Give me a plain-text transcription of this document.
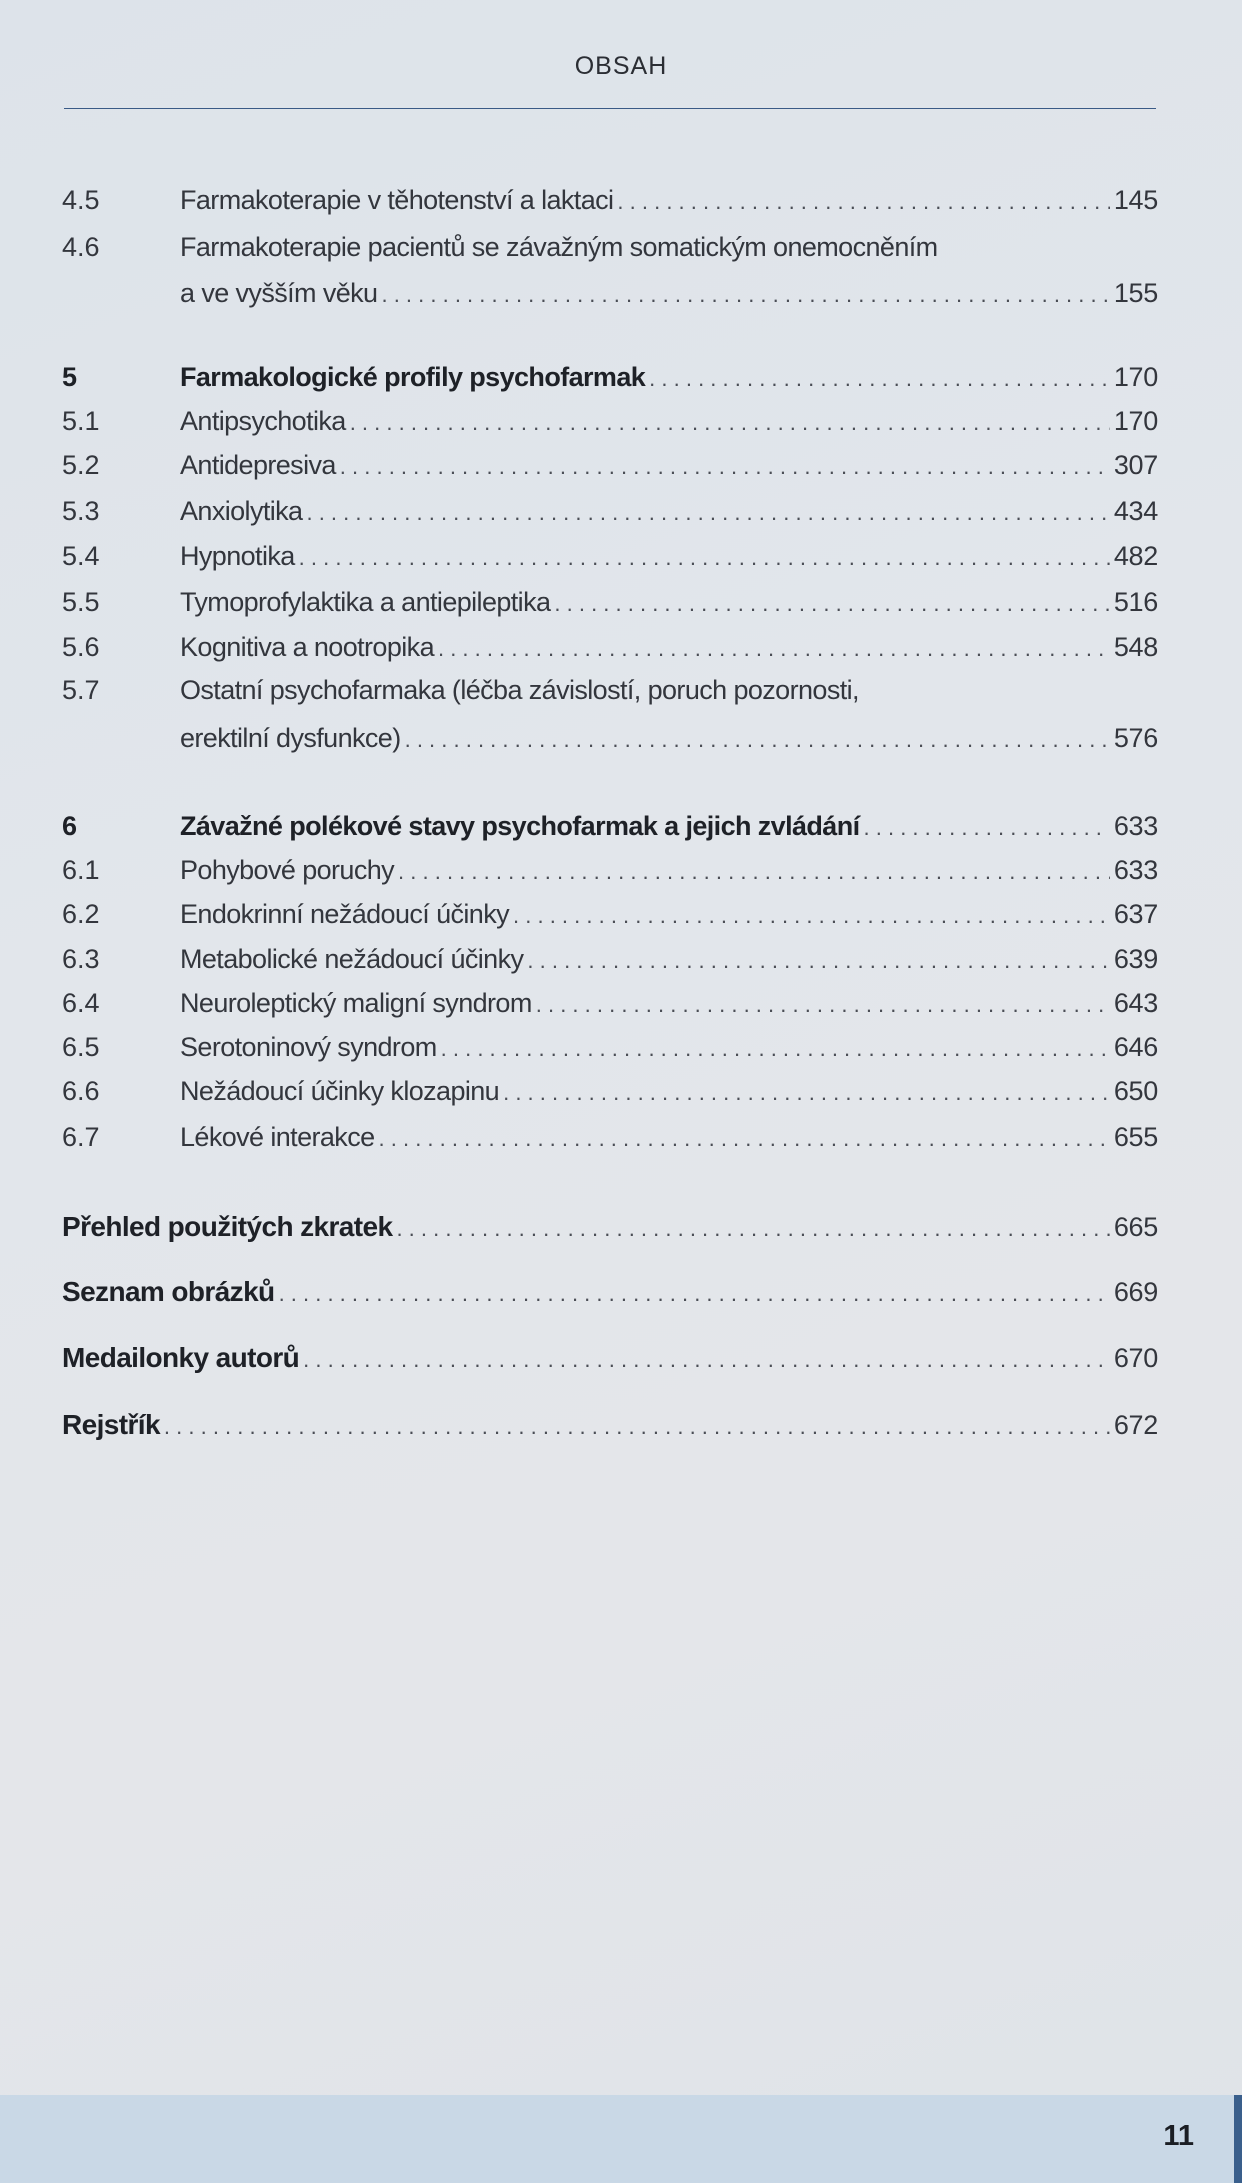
OBSAH
4.5	Farmakoterapie v těhotenství a laktaci . . .	145
4.6	Farmakoterapie pacientů se závažným somatickým onemocněním
a ve vyšším věku . . .	155
5	Farmakologické profily psychofarmak . . .	170
5.1	Antipsychotika . . .	170
5.2	Antidepresiva . . .	307
5.3	Anxiolytika . . .	434
5.4	Hypnotika . . .	482
5.5	Tymoprofylaktika a antiepileptika . . .	516
5.6	Kognitiva a nootropika . . .	548
5.7	Ostatní psychofarmaka (léčba závislostí, poruch pozornosti,
erektilní dysfunkce) . . .	576
6	Závažné polékové stavy psychofarmak a jejich zvládání . . .	633
6.1	Pohybové poruchy . . .	633
6.2	Endokrinní nežádoucí účinky . . .	637
6.3	Metabolické nežádoucí účinky . . .	639
6.4	Neuroleptický maligní syndrom . . .	643
6.5	Serotoninový syndrom . . .	646
6.6	Nežádoucí účinky klozapinu . . .	650
6.7	Lékové interakce . . .	655
Přehled použitých zkratek . . .	665
Seznam obrázků . . .	669
Medailonky autorů . . .	670
Rejstřík . . .	672
11
